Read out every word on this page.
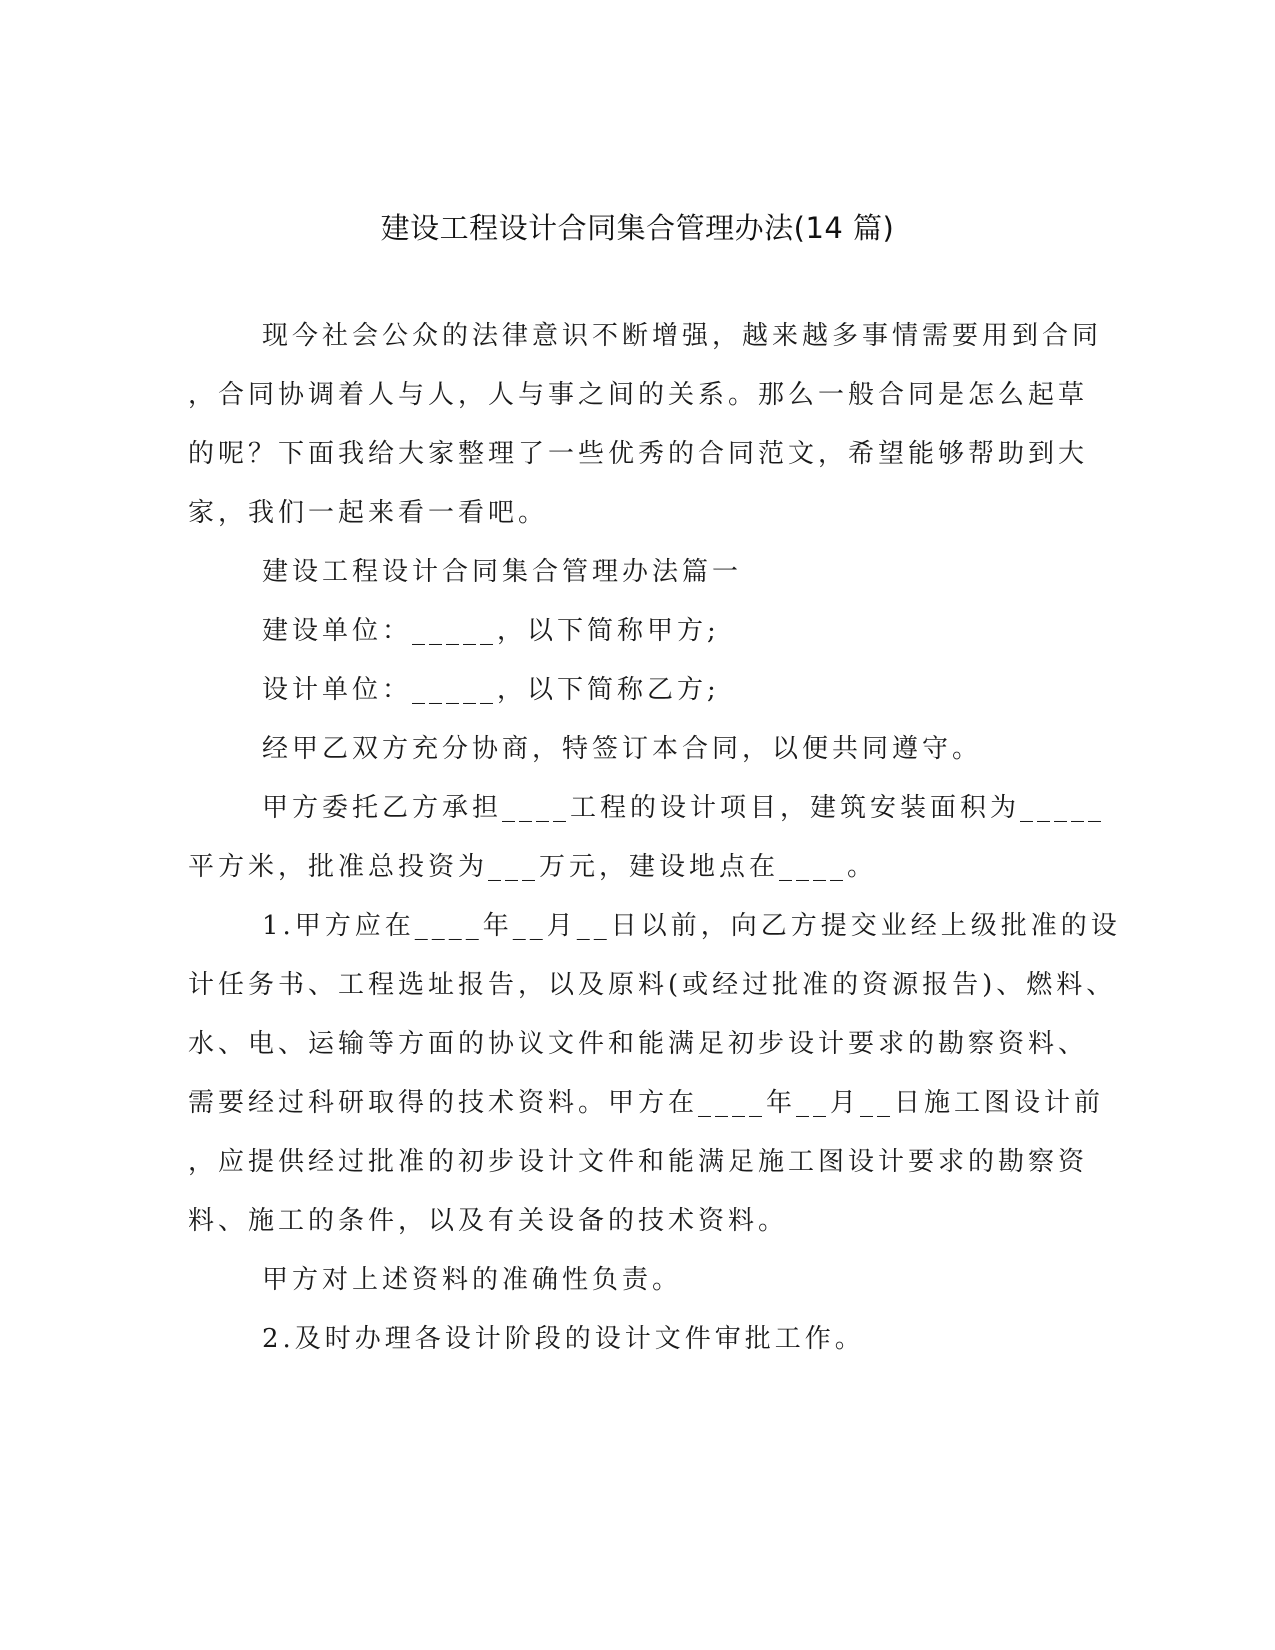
建设工程设计合同集合管理办法(14 篇)
现今社会公众的法律意识不断增强，越来越多事情需要用到合同
，合同协调着人与人，人与事之间的关系。那么一般合同是怎么起草
的呢？下面我给大家整理了一些优秀的合同范文，希望能够帮助到大
家，我们一起来看一看吧。
建设工程设计合同集合管理办法篇一
建设单位：_____，以下简称甲方;
设计单位：_____，以下简称乙方;
经甲乙双方充分协商，特签订本合同，以便共同遵守。
甲方委托乙方承担____工程的设计项目，建筑安装面积为_____
平方米，批准总投资为___万元，建设地点在____。
1.甲方应在____年__月__日以前，向乙方提交业经上级批准的设
计任务书、工程选址报告，以及原料(或经过批准的资源报告)、燃料、
水、电、运输等方面的协议文件和能满足初步设计要求的勘察资料、
需要经过科研取得的技术资料。甲方在____年__月__日施工图设计前
，应提供经过批准的初步设计文件和能满足施工图设计要求的勘察资
料、施工的条件，以及有关设备的技术资料。
甲方对上述资料的准确性负责。
2.及时办理各设计阶段的设计文件审批工作。
